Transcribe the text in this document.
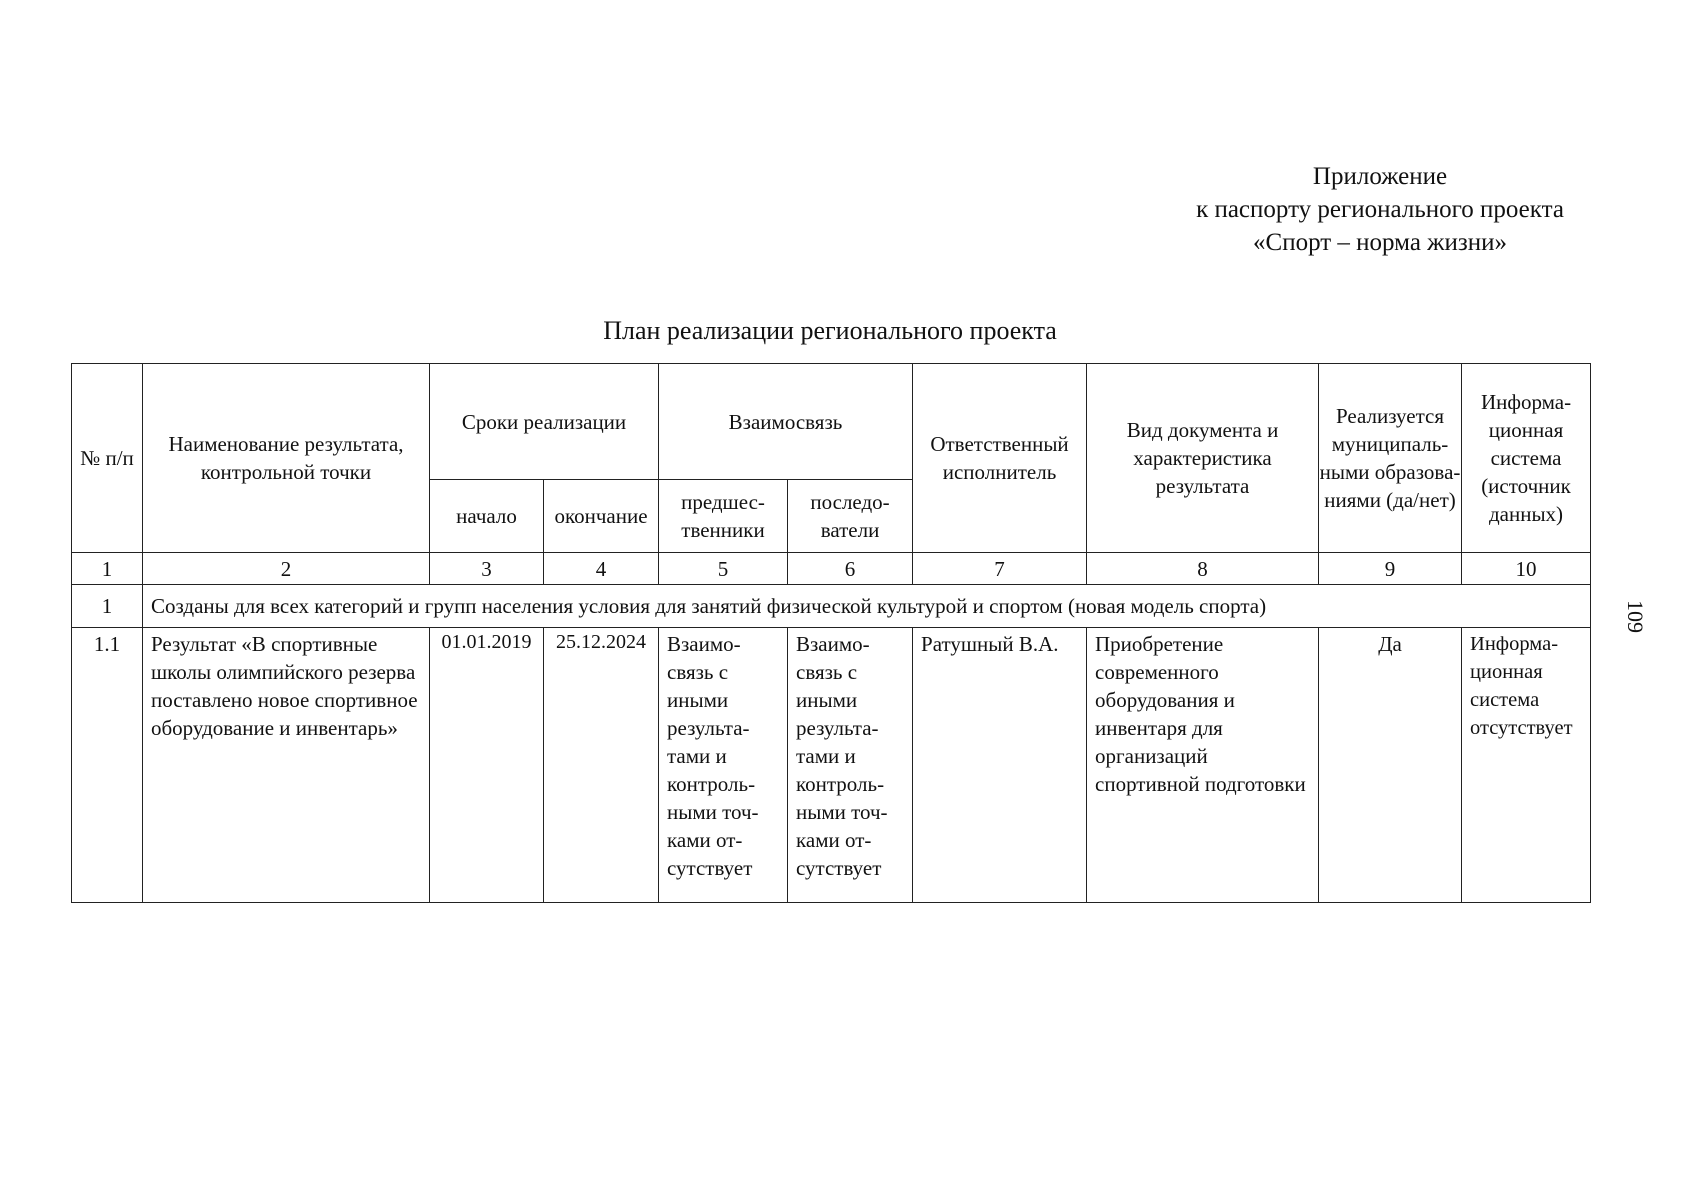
Приложение
к паспорту регионального проекта
«Спорт – норма жизни»
План реализации регионального проекта
109
№ п/п	Наименование результата, контрольной точки	Сроки реализации		Взаимосвязь		Ответственный исполнитель	Вид документа и характеристика результата	Реализуется муниципаль-ными образова-ниями (да/нет)	Информа-ционная система (источник данных)
		начало	окончание	предшес-твенники	последо-ватели				
1	2	3	4	5	6	7	8	9	10
1	Созданы для всех категорий и групп населения условия для занятий физической культурой и спортом (новая модель спорта)								
1.1	Результат «В спортивные школы олимпийского резерва поставлено новое спортивное оборудование и инвентарь»	01.01.2019	25.12.2024	Взаимо-связь с иными результа-тами и контроль-ными точ-ками от-сутствует	Взаимо-связь с иными результа-тами и контроль-ными точ-ками от-сутствует	Ратушный В.А.	Приобретение современного оборудования и инвентаря для организаций спортивной подготовки	Да	Информа-ционная система отсутствует
